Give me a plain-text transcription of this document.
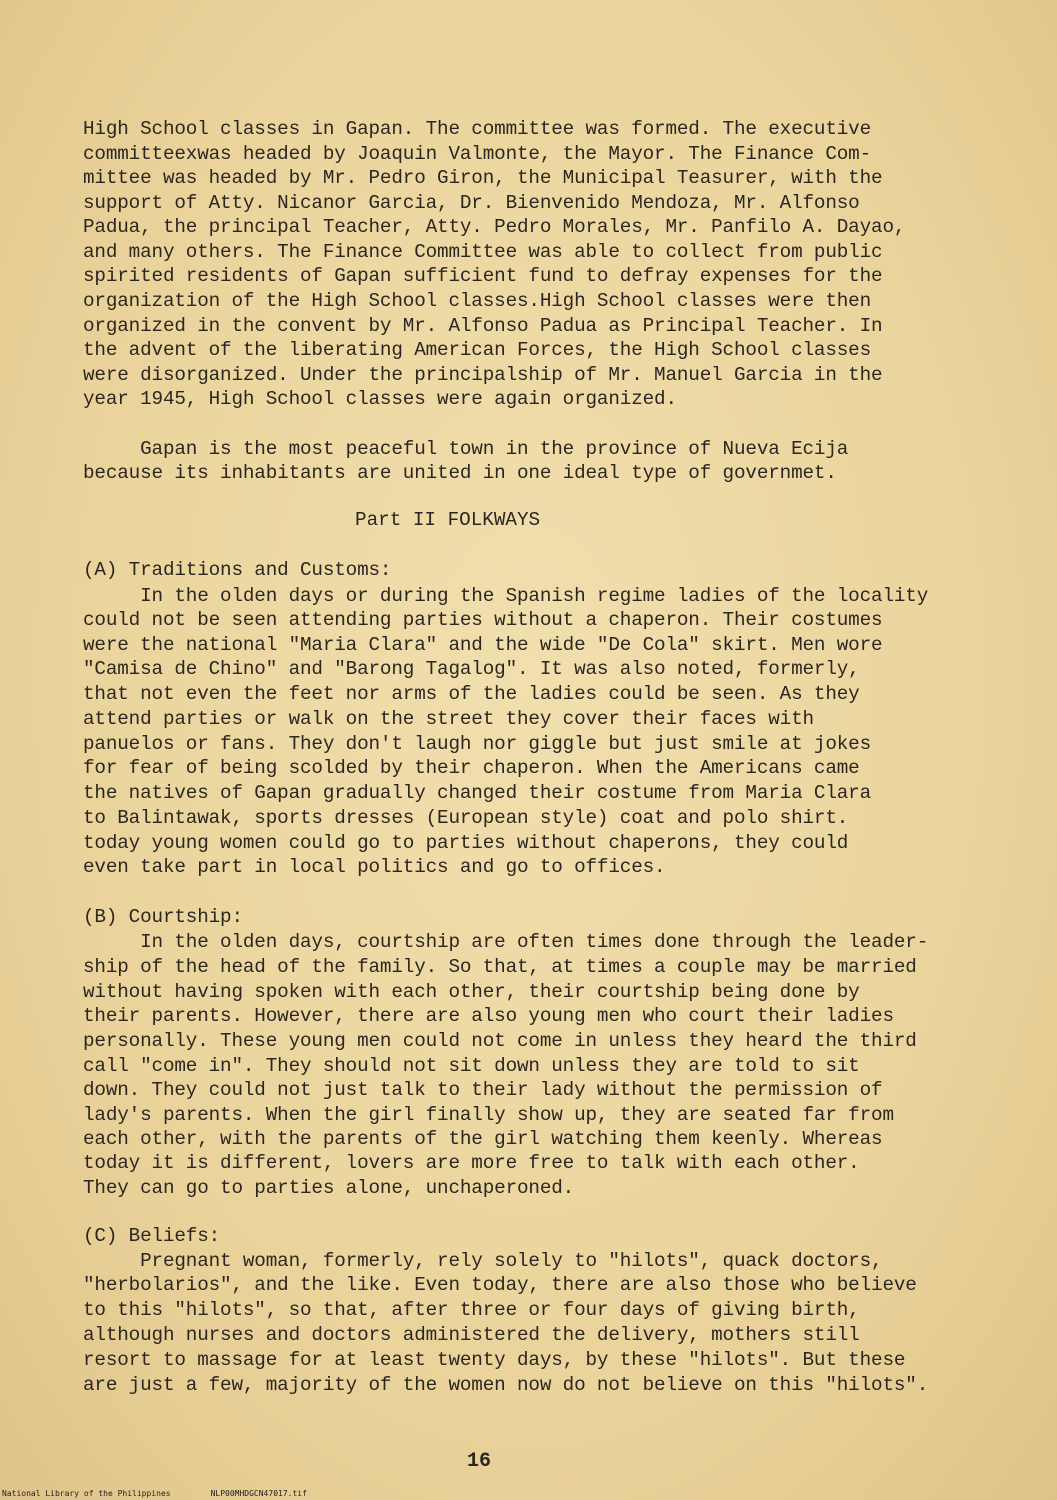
High School classes in Gapan. The committee was formed. The executive
committeexwas headed by Joaquin Valmonte, the Mayor. The Finance Com-
mittee was headed by Mr. Pedro Giron, the Municipal Teasurer, with the
support of Atty. Nicanor Garcia, Dr. Bienvenido Mendoza, Mr. Alfonso
Padua, the principal Teacher, Atty. Pedro Morales, Mr. Panfilo A. Dayao,
and many others. The Finance Committee was able to collect from public
spirited residents of Gapan sufficient fund to defray expenses for the
organization of the High School classes.High School classes were then
organized in the convent by Mr. Alfonso Padua as Principal Teacher. In
the advent of the liberating American Forces, the High School classes
were disorganized. Under the principalship of Mr. Manuel Garcia in the
year 1945, High School classes were again organized.
Gapan is the most peaceful town in the province of Nueva Ecija
because its inhabitants are united in one ideal type of governmet.
Part II FOLKWAYS
(A) Traditions and Customs:
In the olden days or during the Spanish regime ladies of the locality
could not be seen attending parties without a chaperon. Their costumes
were the national "Maria Clara" and the wide "De Cola" skirt. Men wore
"Camisa de Chino" and "Barong Tagalog". It was also noted, formerly,
that not even the feet nor arms of the ladies could be seen. As they
attend parties or walk on the street they cover their faces with
panuelos or fans. They don't laugh nor giggle but just smile at jokes
for fear of being scolded by their chaperon. When the Americans came
the natives of Gapan gradually changed their costume from Maria Clara
to Balintawak, sports dresses (European style) coat and polo shirt.
today young women could go to parties without chaperons, they could
even take part in local politics and go to offices.
(B) Courtship:
In the olden days, courtship are often times done through the leader-
ship of the head of the family. So that, at times a couple may be married
without having spoken with each other, their courtship being done by
their parents. However, there are also young men who court their ladies
personally. These young men could not come in unless they heard the third
call "come in". They should not sit down unless they are told to sit
down. They could not just talk to their lady without the permission of
lady's parents. When the girl finally show up, they are seated far from
each other, with the parents of the girl watching them keenly. Whereas
today it is different, lovers are more free to talk with each other.
They can go to parties alone, unchaperoned.
(C) Beliefs:
Pregnant woman, formerly, rely solely to "hilots", quack doctors,
"herbolarios", and the like. Even today, there are also those who believe
to this "hilots", so that, after three or four days of giving birth,
although nurses and doctors administered the delivery, mothers still
resort to massage for at least twenty days, by these "hilots". But these
are just a few, majority of the women now do not believe on this "hilots".
16
National Library of the Philippines	NLP00MHDGCN47017.tif
